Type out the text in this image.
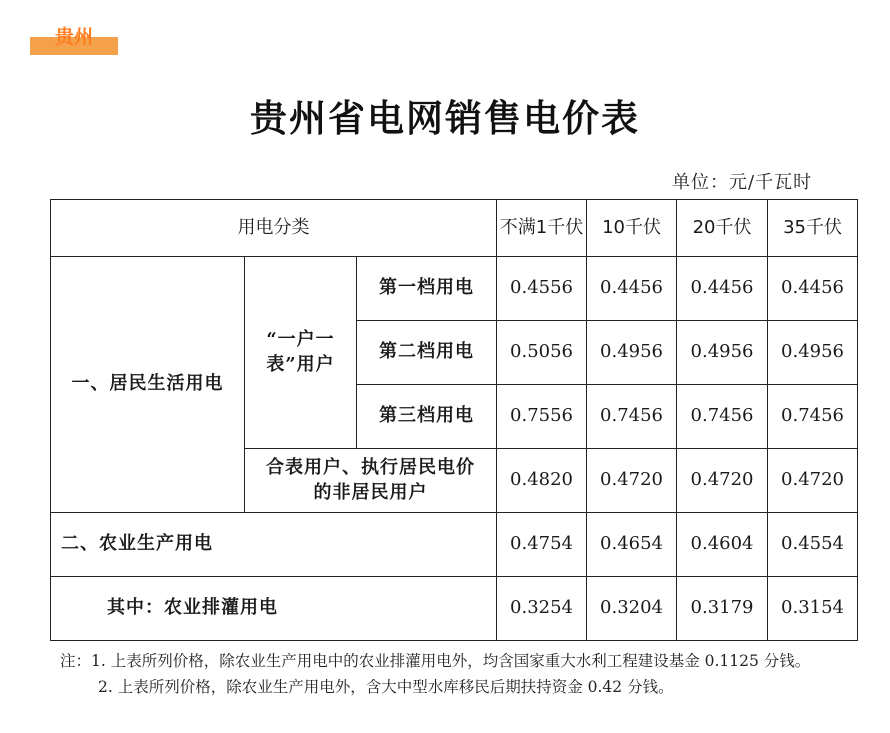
贵州
贵州省电网销售电价表
单位：元/千瓦时
用电分类			不满1千伏	10千伏	20千伏	35千伏
一、居民生活用电	“一户一表”用户	第一档用电	0.4556	0.4456	0.4456	0.4456
		第二档用电	0.5056	0.4956	0.4956	0.4956
		第三档用电	0.7556	0.7456	0.7456	0.7456
	合表用户、执行居民电价的非居民用户		0.4820	0.4720	0.4720	0.4720
二、农业生产用电			0.4754	0.4654	0.4604	0.4554
其中：农业排灌用电			0.3254	0.3204	0.3179	0.3154

注：1. 上表所列价格，除农业生产用电中的农业排灌用电外，均含国家重大水利工程建设基金 0.1125 分钱。

2. 上表所列价格，除农业生产用电外，含大中型水库移民后期扶持资金 0.42 分钱。
